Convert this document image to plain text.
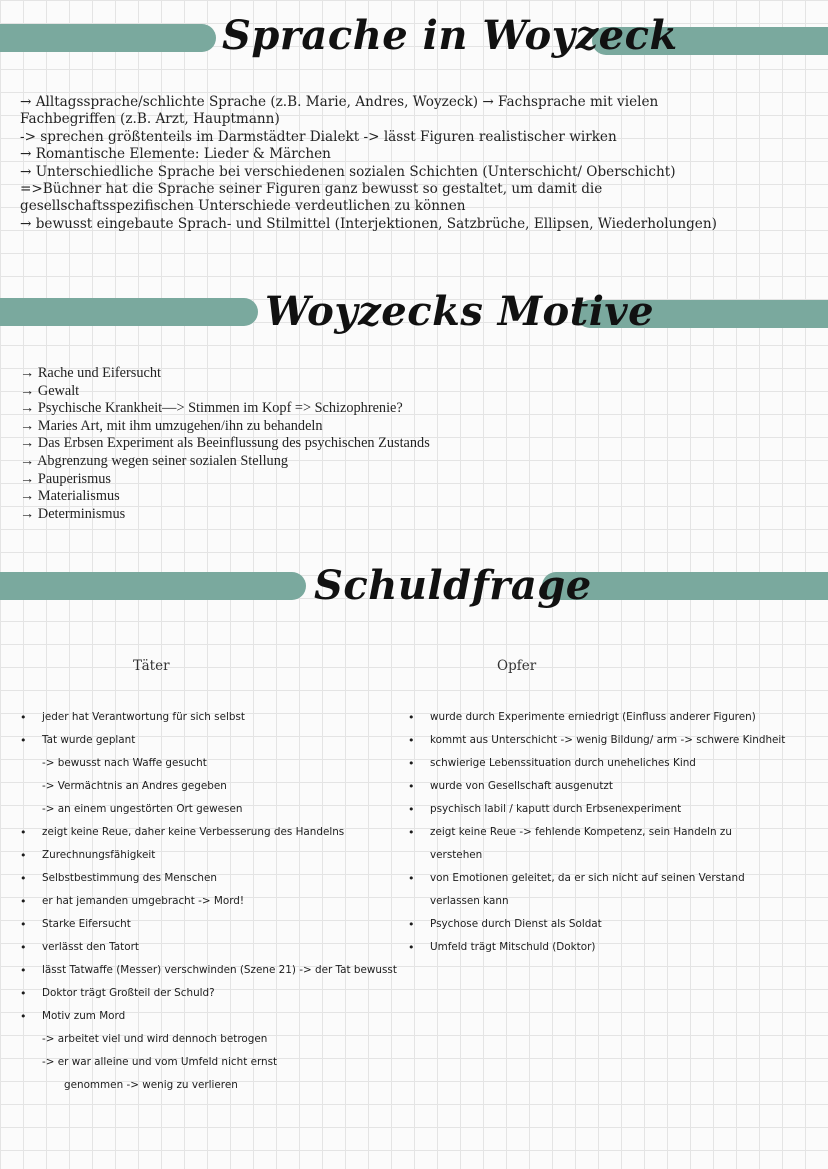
Sprache in Woyzeck

→ Alltagssprache/schlichte Sprache (z.B. Marie, Andres, Woyzeck) → Fachsprache mit vielen Fachbegriffen (z.B. Arzt, Hauptmann)

-> sprechen größtenteils im Darmstädter Dialekt -> lässt Figuren realistischer wirken

→ Romantische Elemente: Lieder & Märchen

→ Unterschiedliche Sprache bei verschiedenen sozialen Schichten (Unterschicht/ Oberschicht)

=>Büchner hat die Sprache seiner Figuren ganz bewusst so gestaltet, um damit die gesellschaftsspezifischen Unterschiede verdeutlichen zu können

→ bewusst eingebaute Sprach- und Stilmittel (Interjektionen, Satzbrüche, Ellipsen, Wiederholungen)

Woyzecks Motive

→ Rache und Eifersucht

→ Gewalt

→ Psychische Krankheit—> Stimmen im Kopf => Schizophrenie?

→ Maries Art, mit ihm umzugehen/ihn zu behandeln

→ Das Erbsen Experiment als Beeinflussung des psychischen Zustands

→ Abgrenzung wegen seiner sozialen Stellung

→ Pauperismus

→ Materialismus

→ Determinismus

Schuldfrage
Täter	Opfer
• jeder hat Verantwortung für sich selbst
• Tat wurde geplant
-> bewusst nach Waffe gesucht
-> Vermächtnis an Andres gegeben
-> an einem ungestörten Ort gewesen
• zeigt keine Reue, daher keine Verbesserung des Handelns
• Zurechnungsfähigkeit
• Selbstbestimmung des Menschen
• er hat jemanden umgebracht -> Mord!
• Starke Eifersucht
• verlässt den Tatort
• lässt Tatwaffe (Messer) verschwinden (Szene 21) -> der Tat bewusst
• Doktor trägt Großteil der Schuld?
• Motiv zum Mord
-> arbeitet viel und wird dennoch betrogen
-> er war alleine und vom Umfeld nicht ernst
genommen -> wenig zu verlieren
• wurde durch Experimente erniedrigt (Einfluss anderer Figuren)
• kommt aus Unterschicht -> wenig Bildung/ arm -> schwere Kindheit
• schwierige Lebenssituation durch uneheliches Kind
• wurde von Gesellschaft ausgenutzt
• psychisch labil / kaputt durch Erbsenexperiment
• zeigt keine Reue -> fehlende Kompetenz, sein Handeln zu
verstehen
• von Emotionen geleitet, da er sich nicht auf seinen Verstand
verlassen kann
• Psychose durch Dienst als Soldat
• Umfeld trägt Mitschuld (Doktor)
